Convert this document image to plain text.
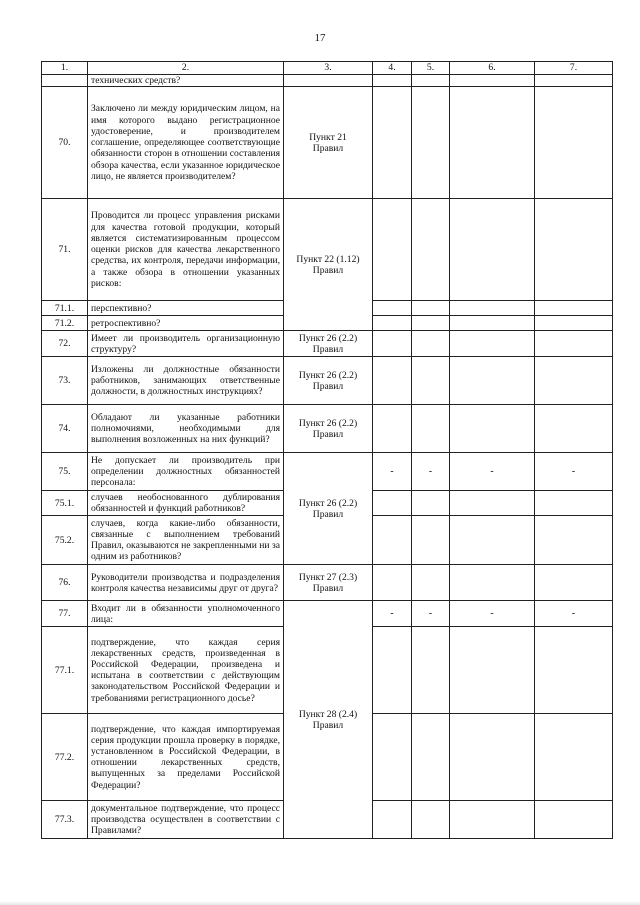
17
1.	2.	3.	4.	5.	6.	7.
	технических средств?					
70.	Заключено ли между юридическим лицом, на имя которого выдано регистрационное удостоверение, и производителем соглашение, определяющее соответствующие обязанности сторон в отношении составления обзора качества, если указанное юридическое лицо, не является производителем?	Пункт 21
Правил				

71.	Проводится ли процесс управления рисками для качества готовой продукции, который является систематизированным процессом оценки рисков для качества лекарственного средства, их контроля, передачи информации, а также обзора в отношении указанных рисков:	Пункт 22 (1.12)
Правил				

71.1.	перспективно?					
71.2.	ретроспективно?					
72.	Имеет ли производитель организационную структуру?	Пункт 26 (2.2)
Правил				

73.	Изложены ли должностные обязанности работников, занимающих ответственные должности, в должностных инструкциях?	Пункт 26 (2.2)
Правил				

74.	Обладают ли указанные работники полномочиями, необходимыми для выполнения возложенных на них функций?	Пункт 26 (2.2)
Правил				

75.	Не допускает ли производитель при определении должностных обязанностей персонала:	Пункт 26 (2.2)
Правил	-	-	-	-
75.1.	случаев необоснованного дублирования обязанностей и функций работников?					
75.2.	случаев, когда какие-либо обязанности, связанные с выполнением требований Правил, оказываются не закрепленными ни за одним из работников?					
76.	Руководители производства и подразделения контроля качества независимы друг от друга?	Пункт 27 (2.3)
Правил				

77.	Входит ли в обязанности уполномоченного лица:	Пункт 28 (2.4)
Правил	-	-	-	-
77.1.	подтверждение, что каждая серия лекарственных средств, произведенная в Российской Федерации, произведена и испытана в соответствии с действующим законодательством Российской Федерации и требованиями регистрационного досье?					
77.2.	подтверждение, что каждая импортируемая серия продукции прошла проверку в порядке, установленном в Российской Федерации, в отношении лекарственных средств, выпущенных за пределами Российской Федерации?					
77.3.	документальное подтверждение, что процесс производства осуществлен в соответствии с Правилами?					
